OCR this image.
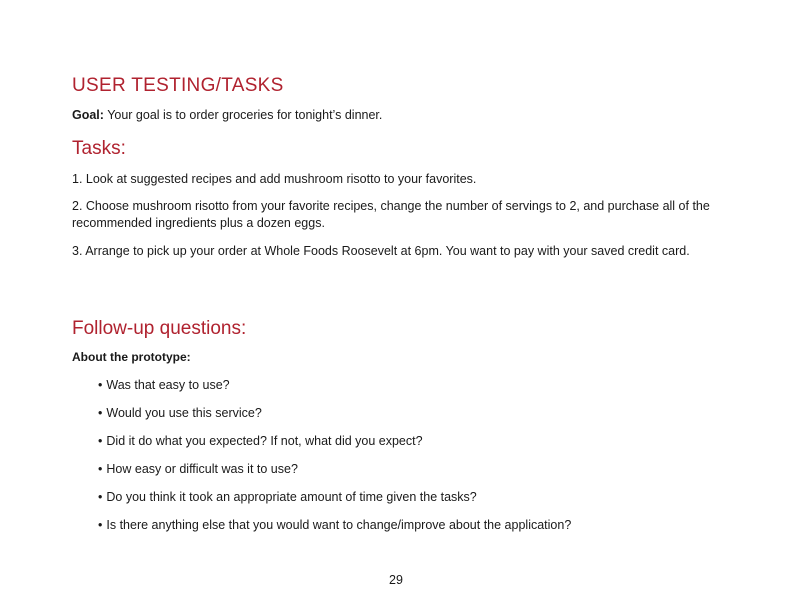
USER TESTING/TASKS

Goal: Your goal is to order groceries for tonight’s dinner.

Tasks:

1. Look at suggested recipes and add mushroom risotto to your favorites.

2. Choose mushroom risotto from your favorite recipes, change the number of servings to 2, and purchase all of the recommended ingredients plus a dozen eggs.

3. Arrange to pick up your order at Whole Foods Roosevelt at 6pm. You want to pay with your saved credit card.

Follow-up questions:

About the prototype:

• Was that easy to use?
• Would you use this service?
• Did it do what you expected? If not, what did you expect?
• How easy or difficult was it to use?
• Do you think it took an appropriate amount of time given the tasks?
• Is there anything else that you would want to change/improve about the application?

29
